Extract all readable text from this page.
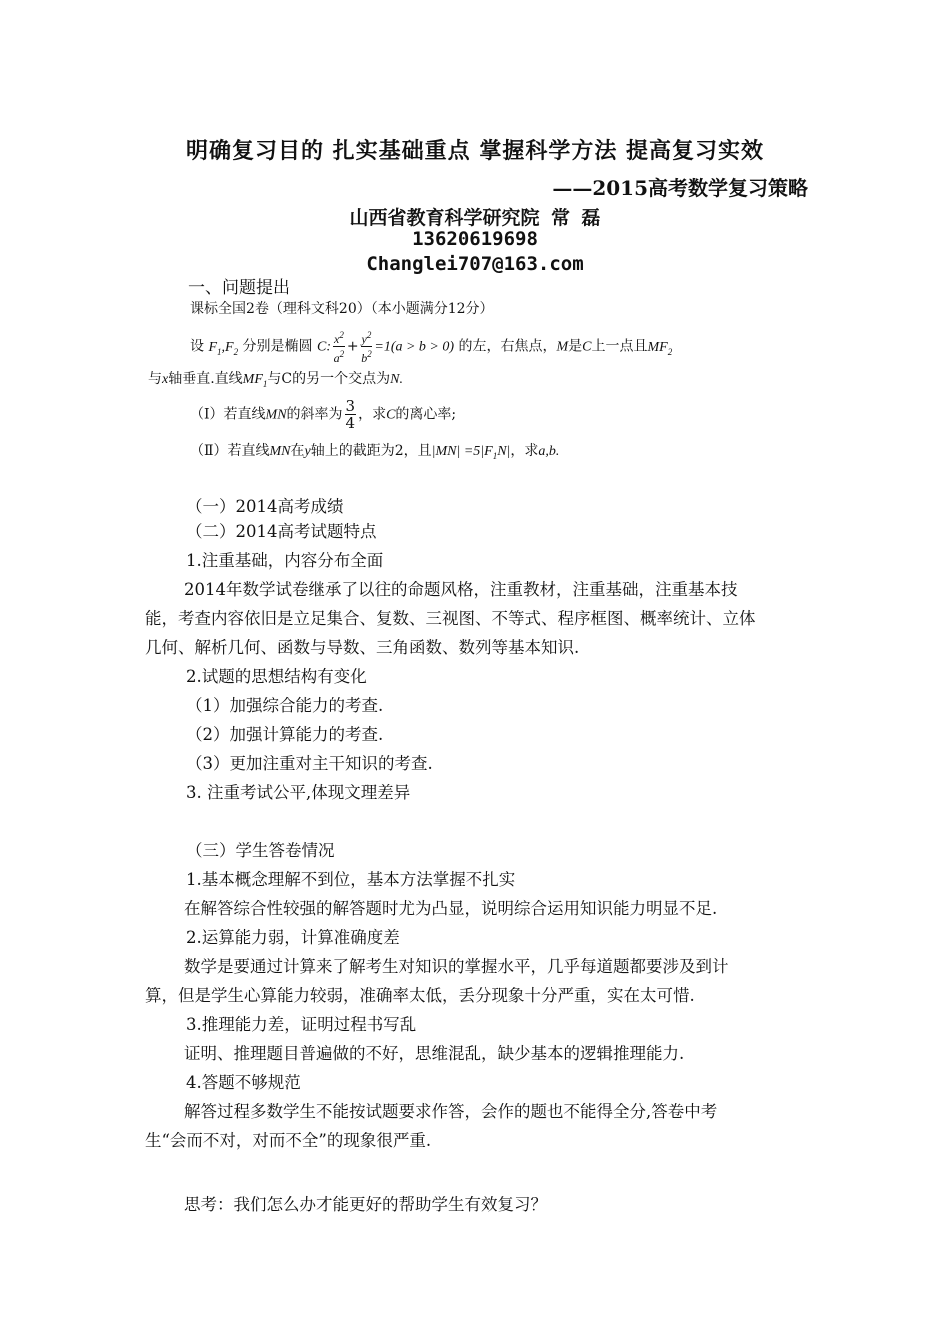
明确复习目的 扎实基础重点 掌握科学方法 提高复习实效
——2015高考数学复习策略
山西省教育科学研究院 常 磊
13620619698
Changlei707@163.com
一、问题提出
课标全国2卷（理科文科20）（本小题满分12分）
设 $F_1,F_2$ 分别是椭圆 C: $\frac{x^2}{a^2} + \frac{y^2}{b^2} =1(a > b > 0)$ 的左，右焦点，M是C上一点且$MF_2$
与x轴垂直.直线$MF_1$与C的另一个交点为N.
（Ⅰ）若直线MN的斜率为 $\frac{3}{4}$ ，求C的离心率;
（Ⅱ）若直线MN在y轴上的截距为2，且$|MN| =5|F_1N|$，求a,b.
（一）2014高考成绩
（二）2014高考试题特点
1.注重基础，内容分布全面
2014年数学试卷继承了以往的命题风格，注重教材，注重基础，注重基本技
能，考查内容依旧是立足集合、复数、三视图、不等式、程序框图、概率统计、立体
几何、解析几何、函数与导数、三角函数、数列等基本知识.
2.试题的思想结构有变化
（1）加强综合能力的考查.
（2）加强计算能力的考查.
（3）更加注重对主干知识的考查.
3. 注重考试公平,体现文理差异
（三）学生答卷情况
1.基本概念理解不到位，基本方法掌握不扎实
在解答综合性较强的解答题时尤为凸显，说明综合运用知识能力明显不足.
2.运算能力弱，计算准确度差
数学是要通过计算来了解考生对知识的掌握水平，几乎每道题都要涉及到计
算，但是学生心算能力较弱，准确率太低，丢分现象十分严重，实在太可惜.
3.推理能力差，证明过程书写乱
证明、推理题目普遍做的不好，思维混乱，缺少基本的逻辑推理能力.
4.答题不够规范
解答过程多数学生不能按试题要求作答，会作的题也不能得全分,答卷中考
生“会而不对，对而不全”的现象很严重.
思考：我们怎么办才能更好的帮助学生有效复习？
